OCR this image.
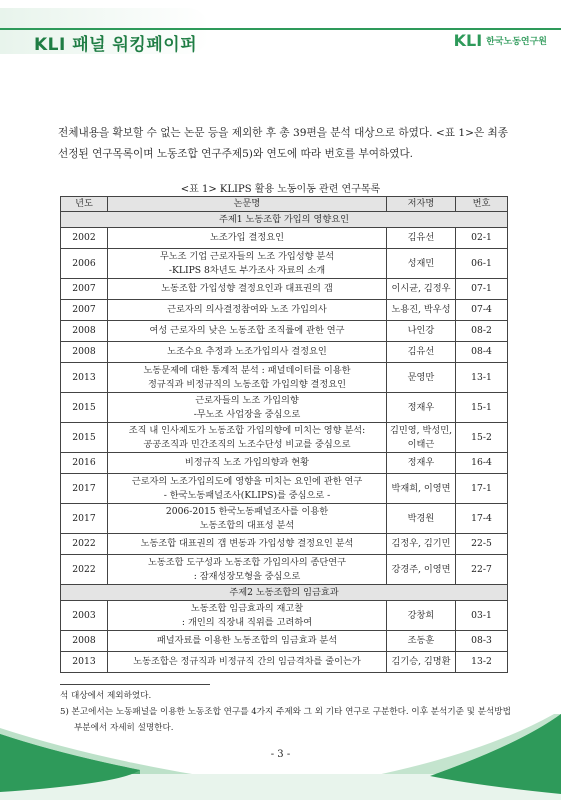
KLI 패널 워킹페이퍼	KLI 한국노동연구원

전체내용을 확보할 수 없는 논문 등을 제외한 후 총 39편을 분석 대상으로 하였다. <표 1>은 최종 선정된 연구목록이며 노동조합 연구주제5)와 연도에 따라 번호를 부여하였다.

<표 1> KLIPS 활용 노동이동 관련 연구목록
년도	논문명	저자명	번호
주제1 노동조합 가입의 영향요인			
2002	노조가입 결정요인	김유선	02-1
2006	무노조 기업 근로자들의 노조 가입성향 분석
-KLIPS 8차년도 부가조사 자료의 소개	성재민	06-1
2007	노동조합 가입성향 결정요인과 대표권의 갭	이시균, 김정우	07-1
2007	근로자의 의사결정참여와 노조 가입의사	노용진, 박우성	07-4
2008	여성 근로자의 낮은 노동조합 조직률에 관한 연구	나인강	08-2
2008	노조수요 추정과 노조가입의사 결정요인	김유선	08-4
2013	노동문제에 대한 통계적 분석 : 패널데이터를 이용한
정규직과 비정규직의 노동조합 가입의향 결정요인	문영만	13-1
2015	근로자들의 노조 가입의향
-무노조 사업장을 중심으로	정재우	15-1
2015	조직 내 인사제도가 노동조합 가입의향에 미치는 영향 분석:
공공조직과 민간조직의 노조수단성 비교를 중심으로	김민영, 박성민,
이태근	15-2
2016	비정규직 노조 가입의향과 현황	정재우	16-4
2017	근로자의 노조가입의도에 영향을 미치는 요인에 관한 연구
- 한국노동패널조사(KLIPS)를 중심으로 -	박재희, 이영면	17-1
2017	2006-2015 한국노동패널조사를 이용한
노동조합의 대표성 분석	박경원	17-4
2022	노동조합 대표권의 갭 변동과 가입성향 결정요인 분석	김정우, 김기민	22-5
2022	노동조합 도구성과 노동조합 가입의사의 종단연구
: 잠재성장모형을 중심으로	강경주, 이영면	22-7
주제2 노동조합의 임금효과			
2003	노동조합 임금효과의 재고찰
: 개인의 직장내 직위를 고려하여	강창희	03-1
2008	패널자료를 이용한 노동조합의 임금효과 분석	조동훈	08-3
2013	노동조합은 정규직과 비정규직 간의 임금격차를 줄이는가	김기승, 김명환	13-2
석 대상에서 제외하였다.
5) 본고에서는 노동패널을 이용한 노동조합 연구를 4가지 주제와 그 외 기타 연구로 구분한다. 이후 분석기준 및 분석방법 부분에서 자세히 설명한다.
- 3 -
